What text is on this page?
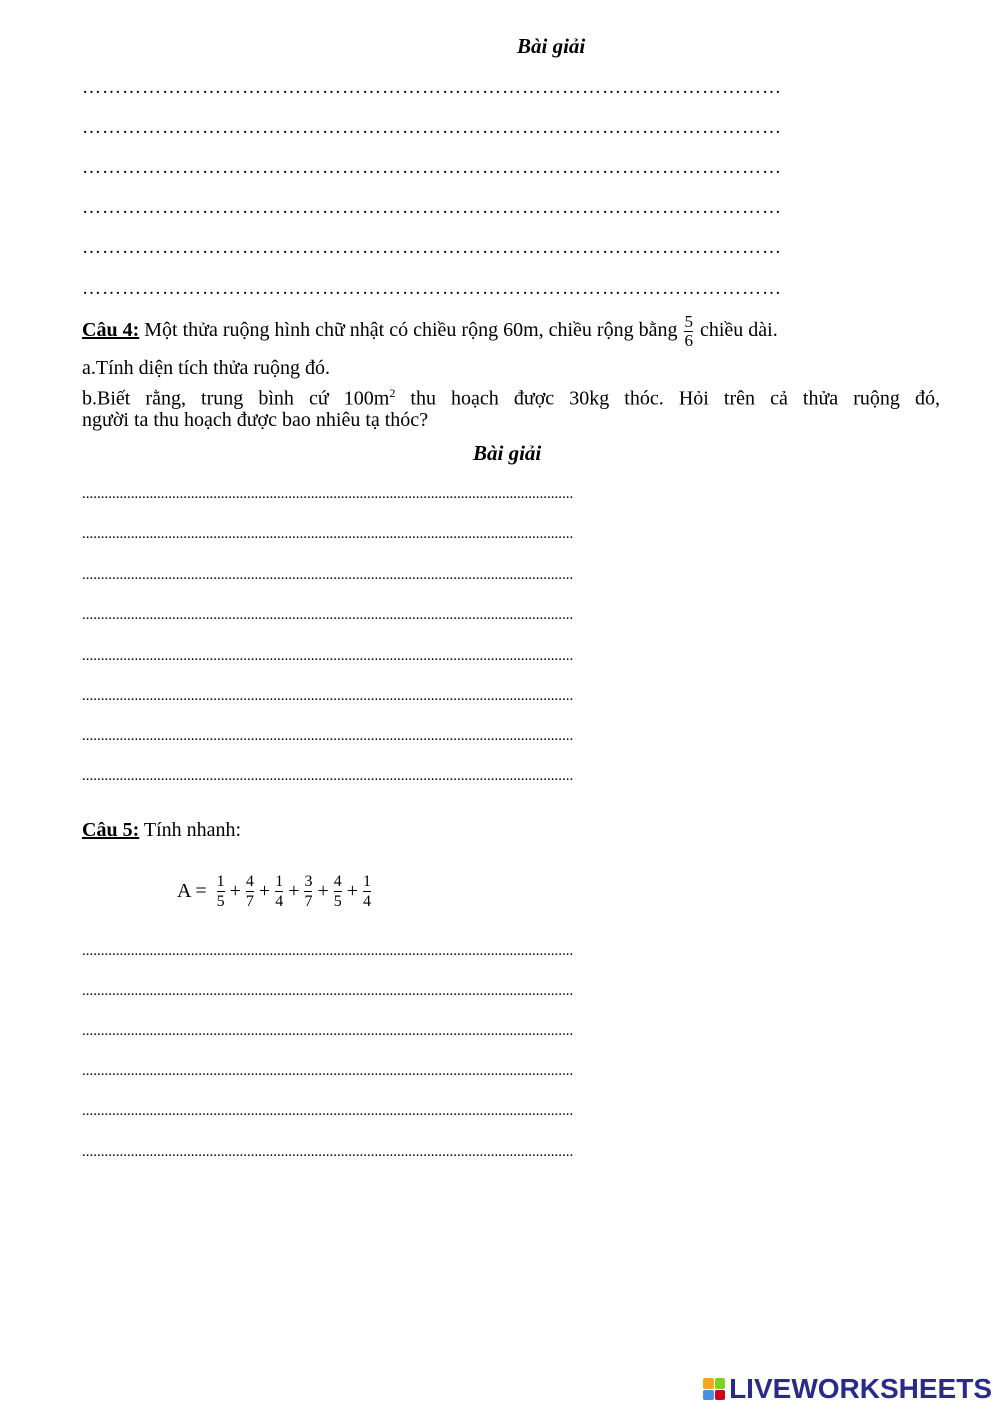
Bài giải
……………………………………………………………………………………………
……………………………………………………………………………………………
……………………………………………………………………………………………
……………………………………………………………………………………………
……………………………………………………………………………………………
……………………………………………………………………………………………
Câu 4: Một thửa ruộng hình chữ nhật có chiều rộng 60m, chiều rộng bằng $\frac{5}{6}$ chiều dài.
a.Tính diện tích thửa ruộng đó.
b.Biết rằng, trung bình cứ $100m^2$ thu hoạch được 30kg thóc. Hỏi trên cả thửa ruộng đó,
người ta thu hoạch được bao nhiêu tạ thóc?
Bài giải
...................................................................................................................................
...................................................................................................................................
...................................................................................................................................
...................................................................................................................................
...................................................................................................................................
...................................................................................................................................
...................................................................................................................................
...................................................................................................................................
Câu 5: Tính nhanh:
$A = \frac{1}{5} + \frac{4}{7} + \frac{1}{4} + \frac{3}{7} + \frac{4}{5} + \frac{1}{4}$
...................................................................................................................................
...................................................................................................................................
...................................................................................................................................
...................................................................................................................................
...................................................................................................................................
...................................................................................................................................
LIVEWORKSHEETS
